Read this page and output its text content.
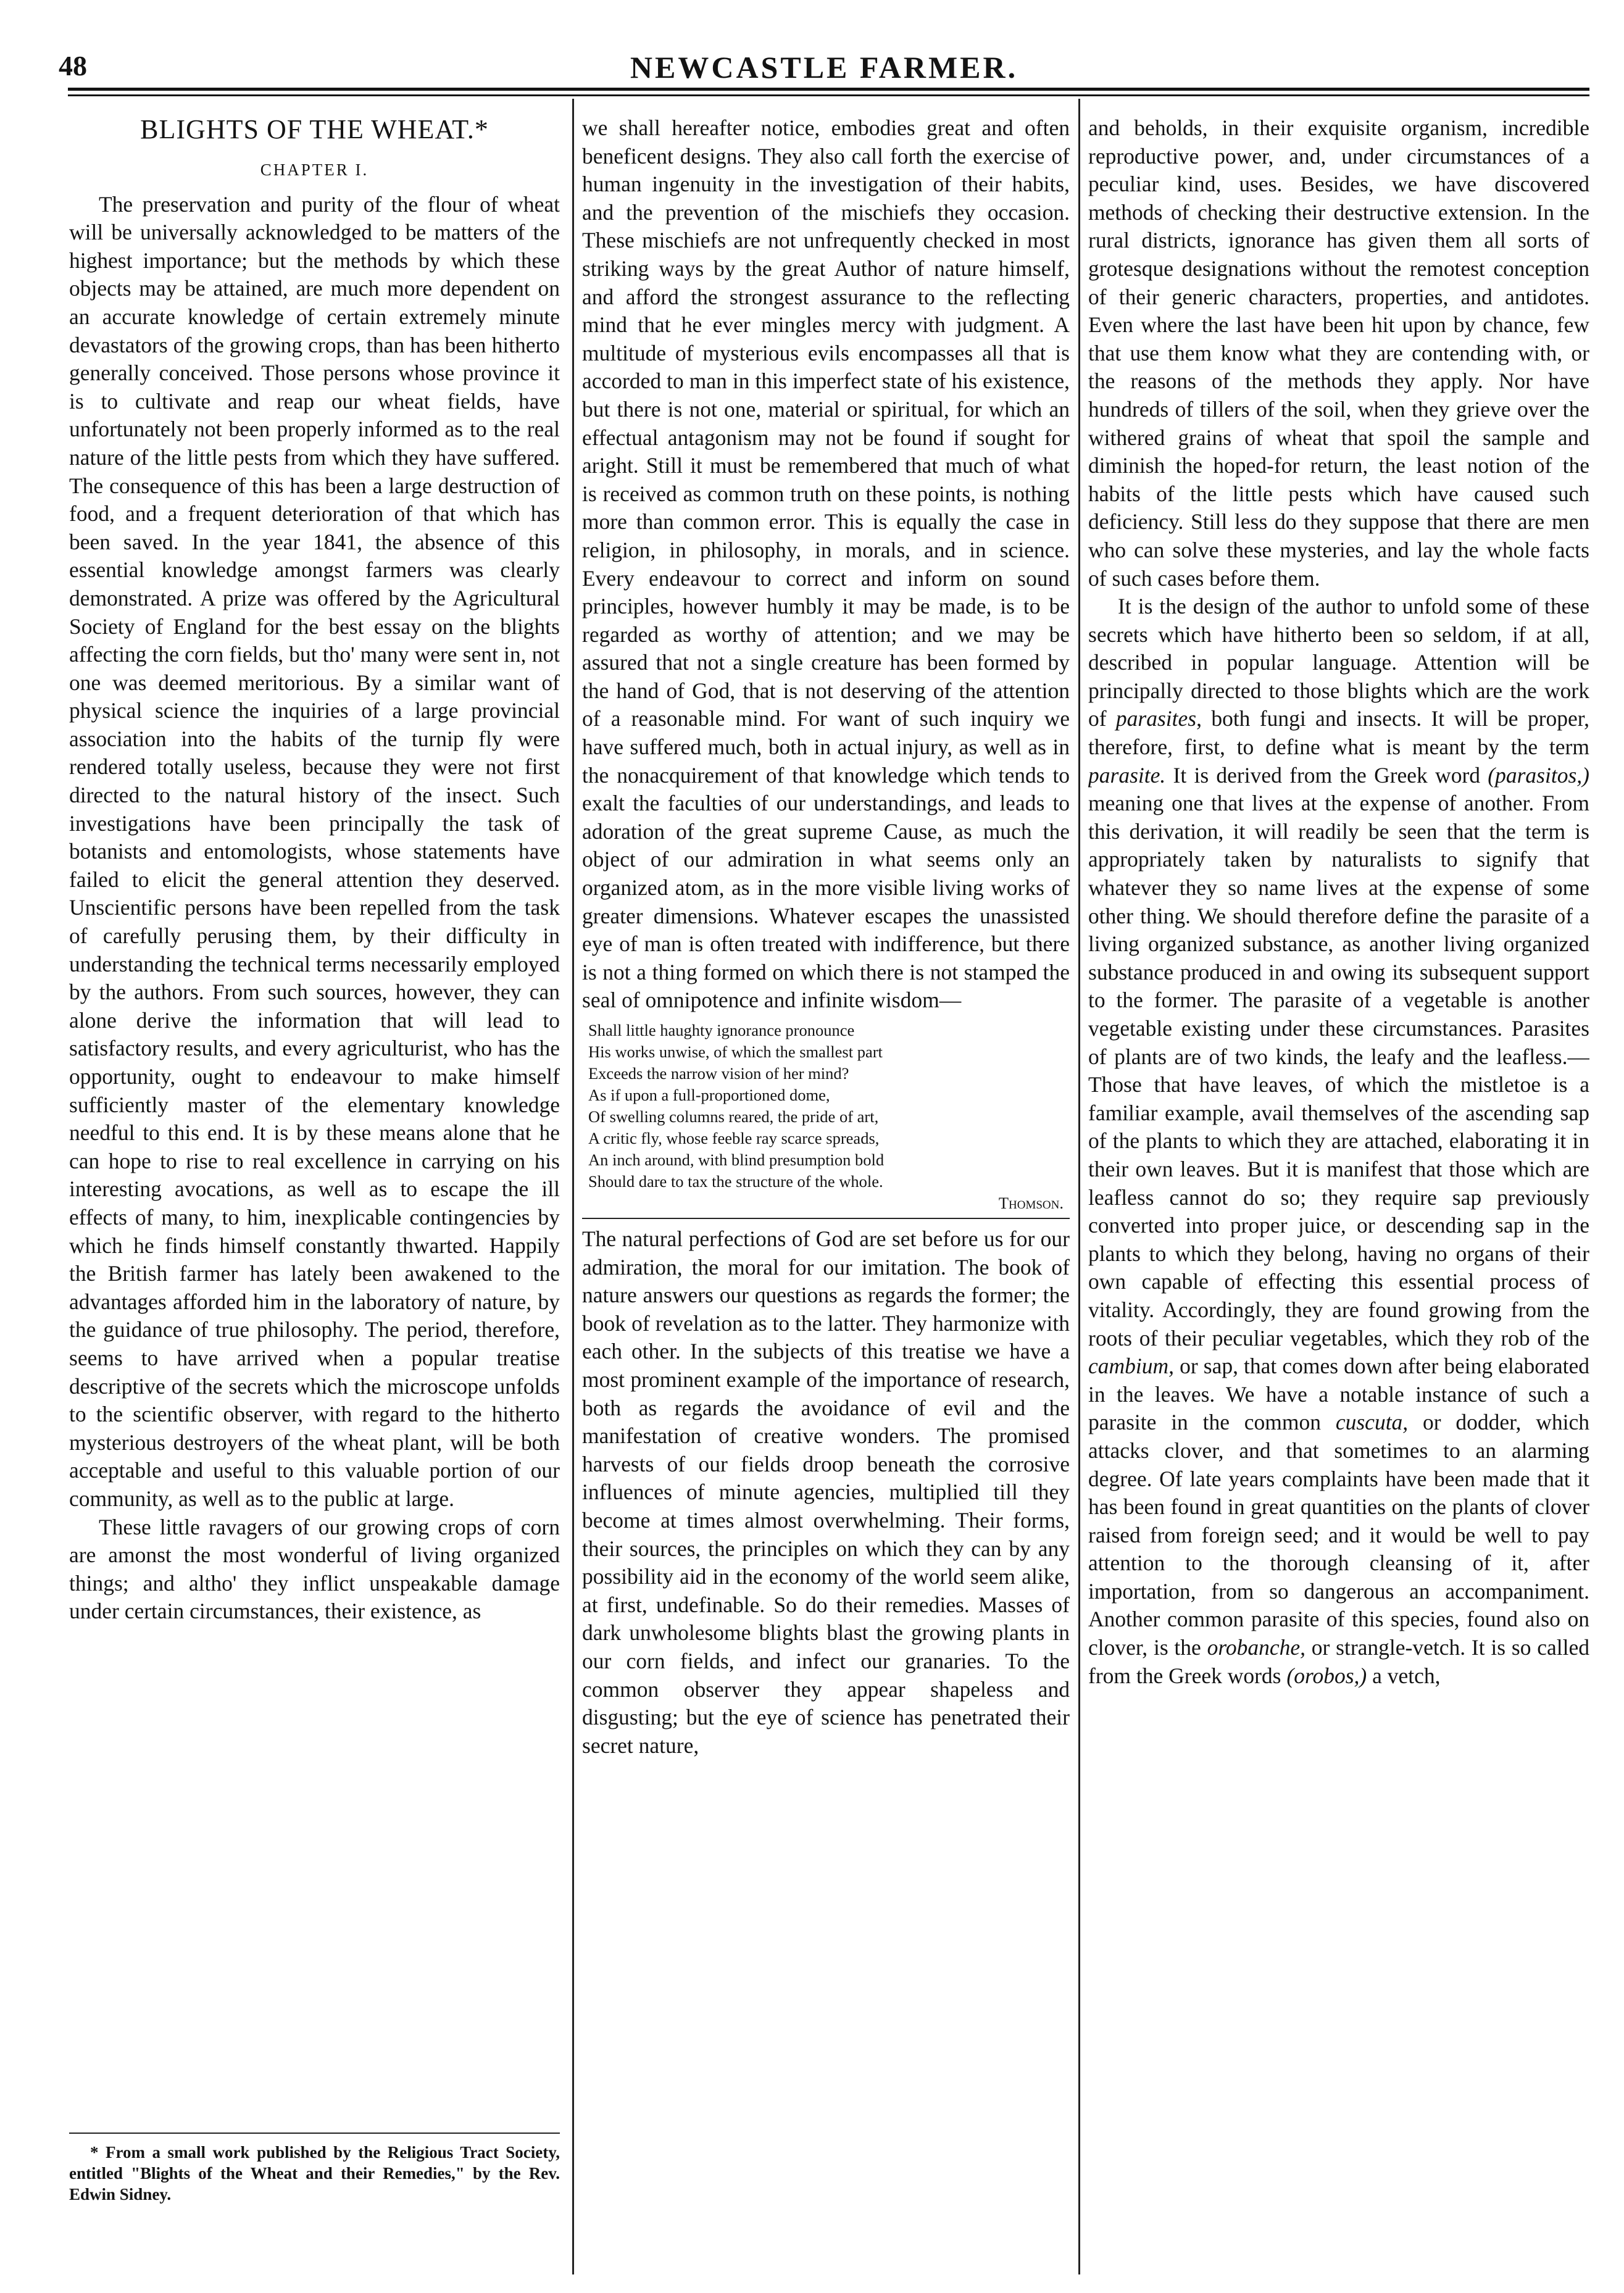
48	NEWCASTLE FARMER.
BLIGHTS OF THE WHEAT.*
CHAPTER I.

The preservation and purity of the flour of wheat will be universally acknowledged to be matters of the highest importance; but the methods by which these objects may be attained, are much more dependent on an accurate knowledge of certain extremely minute devastators of the growing crops, than has been hitherto generally conceived. Those persons whose province it is to cultivate and reap our wheat fields, have unfortunately not been properly informed as to the real nature of the little pests from which they have suffered. The consequence of this has been a large destruction of food, and a frequent deterioration of that which has been saved. In the year 1841, the absence of this essential knowledge amongst farmers was clearly demonstrated. A prize was offered by the Agricultural Society of England for the best essay on the blights affecting the corn fields, but tho' many were sent in, not one was deemed meritorious. By a similar want of physical science the inquiries of a large provincial association into the habits of the turnip fly were rendered totally useless, because they were not first directed to the natural history of the insect. Such investigations have been principally the task of botanists and entomologists, whose statements have failed to elicit the general attention they deserved. Unscientific persons have been repelled from the task of carefully perusing them, by their difficulty in understanding the technical terms necessarily employed by the authors. From such sources, however, they can alone derive the information that will lead to satisfactory results, and every agriculturist, who has the opportunity, ought to endeavour to make himself sufficiently master of the elementary knowledge needful to this end. It is by these means alone that he can hope to rise to real excellence in carrying on his interesting avocations, as well as to escape the ill effects of many, to him, inexplicable contingencies by which he finds himself constantly thwarted. Happily the British farmer has lately been awakened to the advantages afforded him in the laboratory of nature, by the guidance of true philosophy. The period, therefore, seems to have arrived when a popular treatise descriptive of the secrets which the microscope unfolds to the scientific observer, with regard to the hitherto mysterious destroyers of the wheat plant, will be both acceptable and useful to this valuable portion of our community, as well as to the public at large.

These little ravagers of our growing crops of corn are amonst the most wonderful of living organized things; and altho' they inflict unspeakable damage under certain circumstances, their existence, as

* From a small work published by the Religious Tract Society, entitled "Blights of the Wheat and their Remedies," by the Rev. Edwin Sidney.

we shall hereafter notice, embodies great and often beneficent designs. They also call forth the exercise of human ingenuity in the investigation of their habits, and the prevention of the mischiefs they occasion. These mischiefs are not unfrequently checked in most striking ways by the great Author of nature himself, and afford the strongest assurance to the reflecting mind that he ever mingles mercy with judgment. A multitude of mysterious evils encompasses all that is accorded to man in this imperfect state of his existence, but there is not one, material or spiritual, for which an effectual antagonism may not be found if sought for aright. Still it must be remembered that much of what is received as common truth on these points, is nothing more than common error. This is equally the case in religion, in philosophy, in morals, and in science. Every endeavour to correct and inform on sound principles, however humbly it may be made, is to be regarded as worthy of attention; and we may be assured that not a single creature has been formed by the hand of God, that is not deserving of the attention of a reasonable mind. For want of such inquiry we have suffered much, both in actual injury, as well as in the nonacquirement of that knowledge which tends to exalt the faculties of our understandings, and leads to adoration of the great supreme Cause, as much the object of our admiration in what seems only an organized atom, as in the more visible living works of greater dimensions. Whatever escapes the unassisted eye of man is often treated with indifference, but there is not a thing formed on which there is not stamped the seal of omnipotence and infinite wisdom—

Shall little haughty ignorance pronounce
His works unwise, of which the smallest part
Exceeds the narrow vision of her mind?
As if upon a full-proportioned dome,
Of swelling columns reared, the pride of art,
A critic fly, whose feeble ray scarce spreads,
An inch around, with blind presumption bold
Should dare to tax the structure of the whole.
Thomson.

The natural perfections of God are set before us for our admiration, the moral for our imitation. The book of nature answers our questions as regards the former; the book of revelation as to the latter. They harmonize with each other. In the subjects of this treatise we have a most prominent example of the importance of research, both as regards the avoidance of evil and the manifestation of creative wonders. The promised harvests of our fields droop beneath the corrosive influences of minute agencies, multiplied till they become at times almost overwhelming. Their forms, their sources, the principles on which they can by any possibility aid in the economy of the world seem alike, at first, undefinable. So do their remedies. Masses of dark unwholesome blights blast the growing plants in our corn fields, and infect our granaries. To the common observer they appear shapeless and disgusting; but the eye of science has penetrated their secret nature,

and beholds, in their exquisite organism, incredible reproductive power, and, under circumstances of a peculiar kind, uses. Besides, we have discovered methods of checking their destructive extension. In the rural districts, ignorance has given them all sorts of grotesque designations without the remotest conception of their generic characters, properties, and antidotes. Even where the last have been hit upon by chance, few that use them know what they are contending with, or the reasons of the methods they apply. Nor have hundreds of tillers of the soil, when they grieve over the withered grains of wheat that spoil the sample and diminish the hoped-for return, the least notion of the habits of the little pests which have caused such deficiency. Still less do they suppose that there are men who can solve these mysteries, and lay the whole facts of such cases before them.

It is the design of the author to unfold some of these secrets which have hitherto been so seldom, if at all, described in popular language. Attention will be principally directed to those blights which are the work of parasites, both fungi and insects. It will be proper, therefore, first, to define what is meant by the term parasite. It is derived from the Greek word (parasitos,) meaning one that lives at the expense of another. From this derivation, it will readily be seen that the term is appropriately taken by naturalists to signify that whatever they so name lives at the expense of some other thing. We should therefore define the parasite of a living organized substance, as another living organized substance produced in and owing its subsequent support to the former. The parasite of a vegetable is another vegetable existing under these circumstances. Parasites of plants are of two kinds, the leafy and the leafless.— Those that have leaves, of which the mistletoe is a familiar example, avail themselves of the ascending sap of the plants to which they are attached, elaborating it in their own leaves. But it is manifest that those which are leafless cannot do so; they require sap previously converted into proper juice, or descending sap in the plants to which they belong, having no organs of their own capable of effecting this essential process of vitality. Accordingly, they are found growing from the roots of their peculiar vegetables, which they rob of the cambium, or sap, that comes down after being elaborated in the leaves. We have a notable instance of such a parasite in the common cuscuta, or dodder, which attacks clover, and that sometimes to an alarming degree. Of late years complaints have been made that it has been found in great quantities on the plants of clover raised from foreign seed; and it would be well to pay attention to the thorough cleansing of it, after importation, from so dangerous an accompaniment. Another common parasite of this species, found also on clover, is the orobanche, or strangle-vetch. It is so called from the Greek words (orobos,) a vetch,
